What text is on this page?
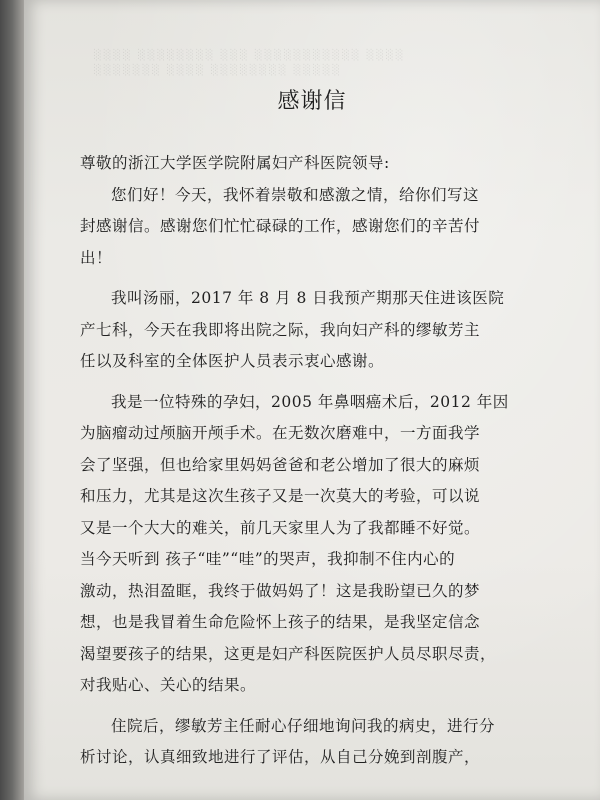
░░░░ ░░░░░░░░ ░░░ ░░░░░░░░░░░ ░░░░
░░░░░░░ ░░░░ ░░░░░░░░ ░░░░░
感谢信
尊敬的浙江大学医学院附属妇产科医院领导:
您们好！今天，我怀着崇敬和感激之情，给你们写这
封感谢信。感谢您们忙忙碌碌的工作，感谢您们的辛苦付
出！
我叫汤丽，2017 年 8 月 8 日我预产期那天住进该医院
产七科，今天在我即将出院之际，我向妇产科的缪敏芳主
任以及科室的全体医护人员表示衷心感谢。
我是一位特殊的孕妇，2005 年鼻咽癌术后，2012 年因
为脑瘤动过颅脑开颅手术。在无数次磨难中，一方面我学
会了坚强，但也给家里妈妈爸爸和老公增加了很大的麻烦
和压力，尤其是这次生孩子又是一次莫大的考验，可以说
又是一个大大的难关，前几天家里人为了我都睡不好觉。
当今天听到 孩子“哇”“哇”的哭声，我抑制不住内心的
激动，热泪盈眶，我终于做妈妈了！这是我盼望已久的梦
想，也是我冒着生命危险怀上孩子的结果，是我坚定信念
渴望要孩子的结果，这更是妇产科医院医护人员尽职尽责，
对我贴心、关心的结果。
住院后，缪敏芳主任耐心仔细地询问我的病史，进行分
析讨论，认真细致地进行了评估，从自己分娩到剖腹产，
